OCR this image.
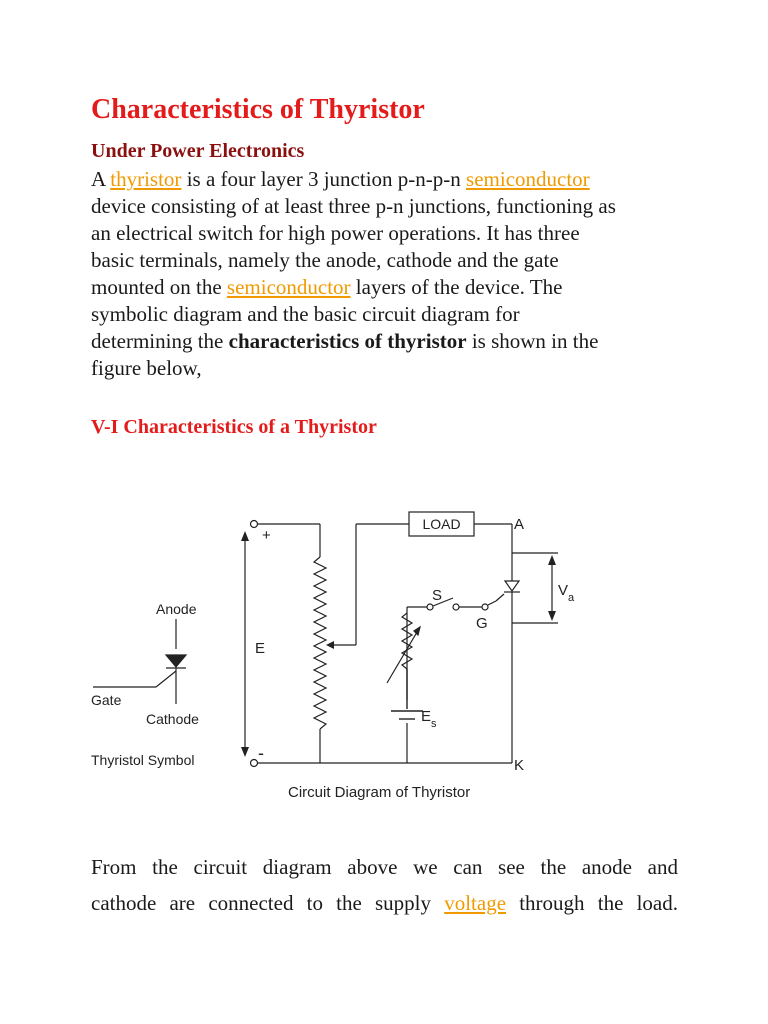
Characteristics of Thyristor
Under Power Electronics

A thyristor is a four layer 3 junction p-n-p-n semiconductor
device consisting of at least three p-n junctions, functioning as
an electrical switch for high power operations. It has three
basic terminals, namely the anode, cathode and the gate
mounted on the semiconductor layers of the device. The
symbolic diagram and the basic circuit diagram for
determining the characteristics of thyristor is shown in the
figure below,

V-I Characteristics of a Thyristor
Anode
Gate
Cathode
Thyristol Symbol
LOAD
+
-
E
A
K
S
G
$E_s$
$V_a$
Circuit Diagram of Thyristor
From the circuit diagram above we can see the anode and
cathode are connected to the supply voltage through the load.
